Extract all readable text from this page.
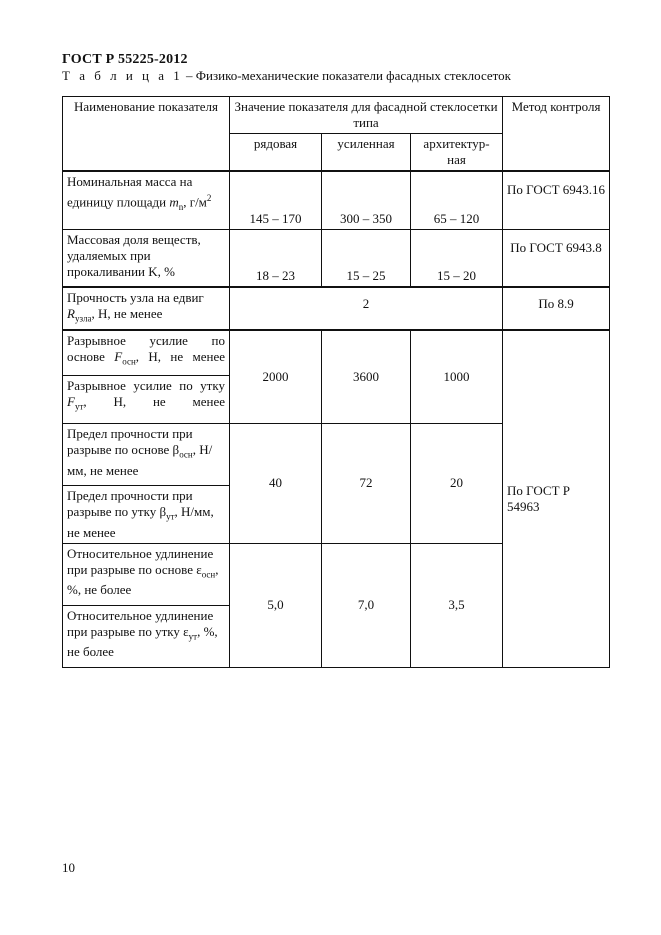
ГОСТ Р 55225-2012
Т а б л и ц а 1 – Физико-механические показатели фасадных стеклосеток
Наименование показателя	Значение показателя для фасадной стеклосетки типа			Метод контроля
	рядовая	усиленная	архитектур-ная	
Номинальная масса на единицу площади $m_n$, $г/м^2$	145 – 170	300 – 350	65 – 120	По ГОСТ 6943.16
Массовая доля веществ, удаляемых при прокаливании K, %	18 – 23	15 – 25	15 – 20	По ГОСТ 6943.8
Прочность узла на едвиг $R_{узла}$, Н, не менее	2			По 8.9
Разрывное усилие по основе $F_{осн}$, Н, не менее	2000	3600	1000	По ГОСТ Р 54963
Разрывное усилие по утку $F_{ут}$, Н, не менее				
Предел прочности при разрыве по основе $\beta_{осн}$, Н/мм, не менее	40	72	20	
Предел прочности при разрыве по утку $\beta_{ут}$, Н/мм, не менее				
Относительное удлинение при разрыве по основе $\varepsilon_{осн}$, %, не более	5,0	7,0	3,5	
Относительное удлинение при разрыве по утку $\varepsilon_{ут}$, %, не более				
10
